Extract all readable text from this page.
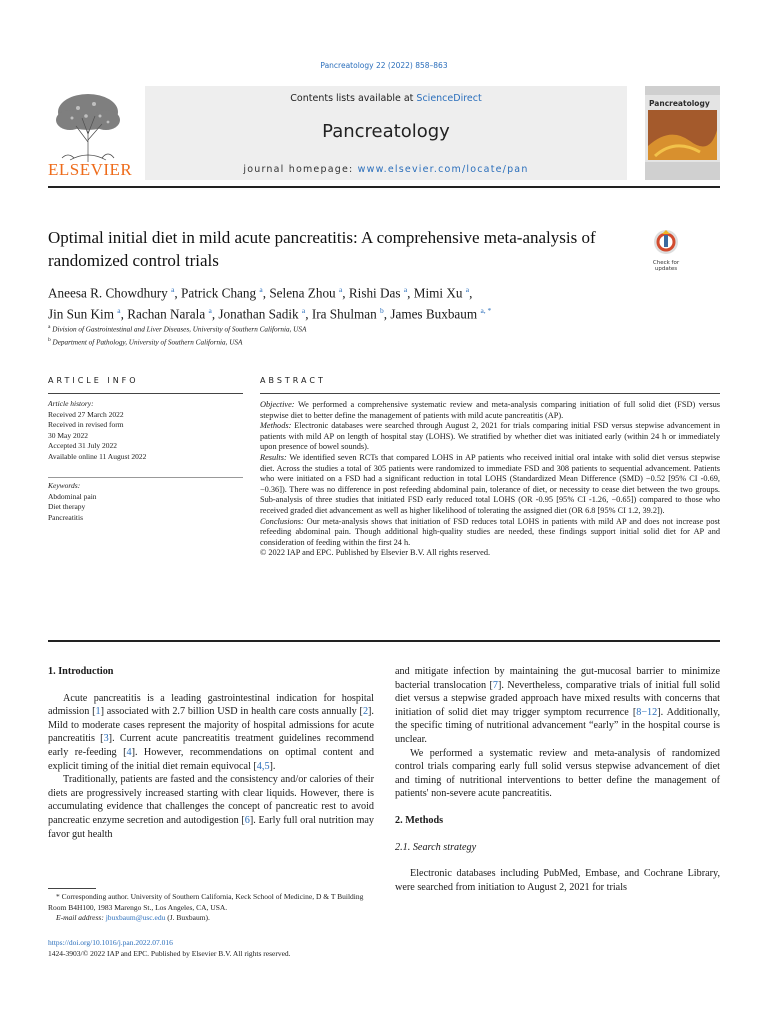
Pancreatology 22 (2022) 858–863
ELSEVIER
Contents lists available at ScienceDirect
Pancreatology
journal homepage: www.elsevier.com/locate/pan
Pancreatology
Optimal initial diet in mild acute pancreatitis: A comprehensive meta-analysis of randomized control trials	Check for updates
Aneesa R. Chowdhury $^a$, Patrick Chang $^a$, Selena Zhou $^a$, Rishi Das $^a$, Mimi Xu $^a$,
Jin Sun Kim $^a$, Rachan Narala $^a$, Jonathan Sadik $^a$, Ira Shulman $^b$, James Buxbaum $^{a, *}$
$^a$ Division of Gastrointestinal and Liver Diseases, University of Southern California, USA
$^b$ Department of Pathology, University of Southern California, USA
ARTICLE INFO	ABSTRACT
Article history:
Received 27 March 2022
Received in revised form
30 May 2022
Accepted 31 July 2022
Available online 11 August 2022
Keywords:
Abdominal pain
Diet therapy
Pancreatitis

Objective: We performed a comprehensive systematic review and meta-analysis comparing initiation of full solid diet (FSD) versus stepwise diet to better define the management of patients with mild acute pancreatitis (AP).

Methods: Electronic databases were searched through August 2, 2021 for trials comparing initial FSD versus stepwise advancement in patients with mild AP on length of hospital stay (LOHS). We stratified by whether diet was initiated early (within 24 h or immediately upon presence of bowel sounds).

Results: We identified seven RCTs that compared LOHS in AP patients who received initial oral intake with solid diet versus stepwise diet. Across the studies a total of 305 patients were randomized to immediate FSD and 308 patients to sequential advancement. Patients who were initiated on a FSD had a significant reduction in total LOHS (Standardized Mean Difference (SMD) −0.52 [95% CI -0.69, −0.36]). There was no difference in post refeeding abdominal pain, tolerance of diet, or necessity to cease diet between the two groups. Sub-analysis of three studies that initiated FSD early reduced total LOHS (OR -0.95 [95% CI -1.26, −0.65]) compared to those who received graded diet advancement as well as higher likelihood of tolerating the assigned diet (OR 6.8 [95% CI 1.2, 39.2]).

Conclusions: Our meta-analysis shows that initiation of FSD reduces total LOHS in patients with mild AP and does not increase post refeeding abdominal pain. Though additional high-quality studies are needed, these findings support initial solid diet for AP and consideration of feeding within the first 24 h.

© 2022 IAP and EPC. Published by Elsevier B.V. All rights reserved.

1. Introduction

Acute pancreatitis is a leading gastrointestinal indication for hospital admission [1] associated with 2.7 billion USD in health care costs annually [2]. Mild to moderate cases represent the majority of hospital admissions for acute pancreatitis [3]. Current acute pancreatitis treatment guidelines recommend early re-feeding [4]. However, recommendations on optimal content and explicit timing of the initial diet remain equivocal [4,5].

Traditionally, patients are fasted and the consistency and/or calories of their diets are progressively increased starting with clear liquids. However, there is accumulating evidence that challenges the concept of pancreatic rest to avoid pancreatic enzyme secretion and autodigestion [6]. Early full oral nutrition may favor gut health

and mitigate infection by maintaining the gut-mucosal barrier to minimize bacterial translocation [7]. Nevertheless, comparative trials of initial full solid diet versus a stepwise graded approach have mixed results with concerns that initiation of solid diet may trigger symptom recurrence [8−12]. Additionally, the specific timing of nutritional advancement “early” in the hospital course is unclear.

We performed a systematic review and meta-analysis of randomized control trials comparing early full solid versus stepwise advancement of diet and timing of nutritional interventions to better define the management of patients' non-severe acute pancreatitis.

2. Methods

2.1. Search strategy

Electronic databases including PubMed, Embase, and Cochrane Library, were searched from initiation to August 2, 2021 for trials

* Corresponding author. University of Southern California, Keck School of Medicine, D & T Building Room B4H100, 1983 Marengo St., Los Angeles, CA, USA.
E-mail address: jbuxbaum@usc.edu (J. Buxbaum).
https://doi.org/10.1016/j.pan.2022.07.016
1424-3903/© 2022 IAP and EPC. Published by Elsevier B.V. All rights reserved.
